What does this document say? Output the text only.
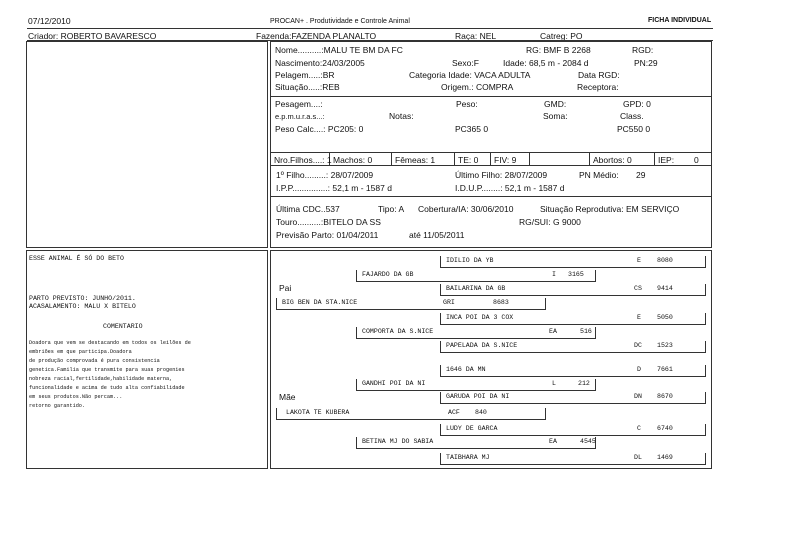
07/12/2010	PROCAN+ . Produtividade e Controle Animal	FICHA INDIVIDUAL
Criador: ROBERTO BAVARESCO	Fazenda:FAZENDA PLANALTO	Raça: NEL	Catreg: PO
Nome..........:MALU TE BM DA FC	RG: BMF B 2268	RGD:
Nascimento:24/03/2005	Sexo:F	Idade: 68,5 m - 2084 d	PN:29
Pelagem.....:BR	Categoria Idade: VACA ADULTA	Data RGD:
Situação.....:REB	Origem.: COMPRA	Receptora:
Pesagem....:	Peso:	GMD:	GPD: 0
e.p.m.u.r.a.s...:	Notas:	Soma:	Class.
Peso Calc....: PC205: 0	PC365 0	PC550 0
Nro.Filhos....: 1 Machos: 0	Fêmeas: 1	TE: 0 FIV: 9	Abortos: 0	IEP: 0
1º Filho.........: 28/07/2009	Último Filho: 28/07/2009	PN Médio: 29
I.P.P...............: 52,1 m - 1587 d	I.D.U.P........: 52,1 m - 1587 d
Última CDC..537	Tipo: A Cobertura/IA: 30/06/2010	Situação Reprodutiva: EM SERVIÇO
Touro..........:BITELO DA SS	RG/SUI: G 9000
Previsão Parto: 01/04/2011	até 11/05/2011
ESSE ANIMAL É SÓ DO BETO
PARTO PREVISTO: JUNHO/2011.
ACASALAMENTO: MALU X BITELO
COMENTARIO
Doadora que vem se destacando em todos os leilões de
embriões em que participa.Doadora
de produção comprovada é pura consistencia
genetica.Familia que transmite para suas progenies
nobreza racial,fertilidade,habilidade materna,
funcionalidade e acima de tudo alta confiabilidade
em seus produtos.Não percam...
retorno garantido.
Pai
Mãe
IDILIO DA YB	E 8080
BAILARINA DA GB	CS 9414
INCA POI DA 3 COX	E 5050
PAPELADA DA S.NICE	DC 1523
1646 DA MN	D 7661
GARUDA POI DA NI	DN 8670
LUDY DE GARCA	C 6740
TAIBHARA MJ	DL 1469
FAJARDO DA GB	I 3165
COMPORTA DA S.NICE	EA	516
GANDHI POI DA NI	L	212
BETINA MJ DO SABIA	EA	4545
BIG BEN DA STA.NICE	GRI	8683
LAKOTA TE KUBERA	ACF 840
